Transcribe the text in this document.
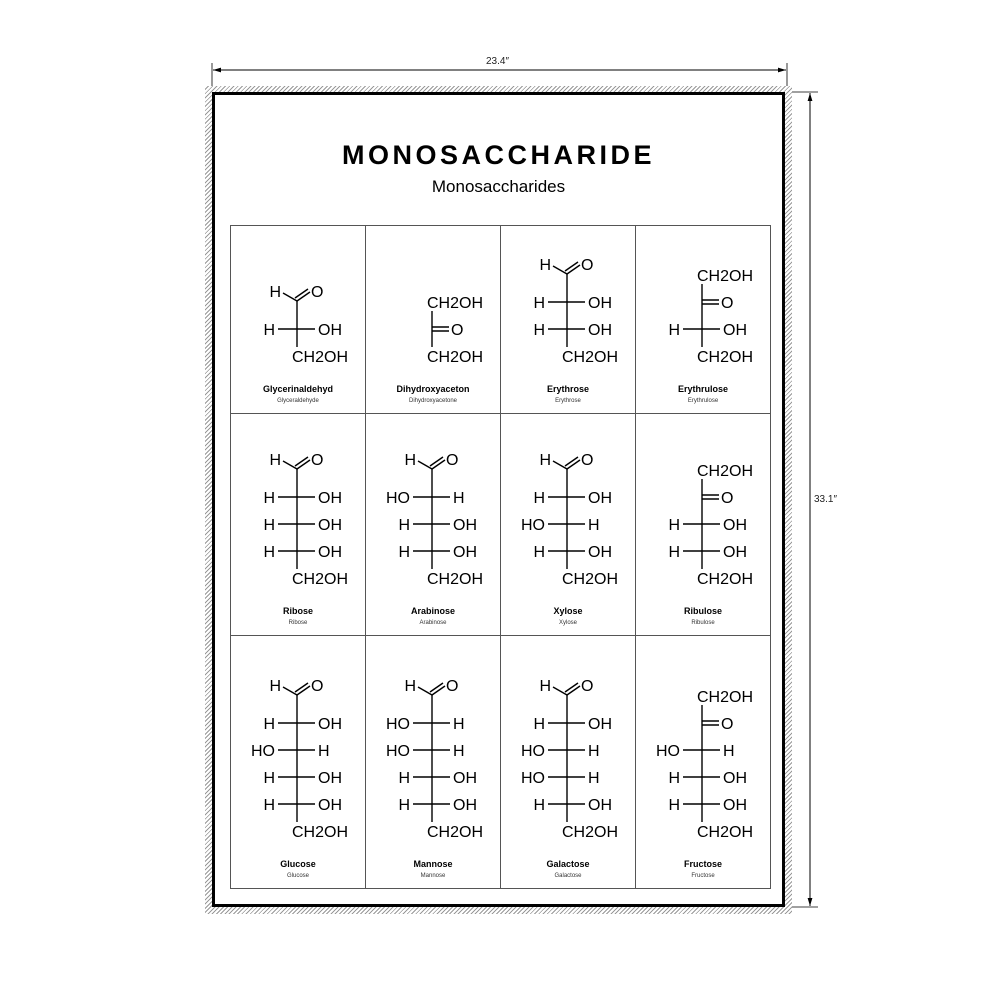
23.4″
33.1″
MONOSACCHARIDE
Monosaccharides
H O
H	OH
CH2OH
Glycerinaldehyd
Glyceraldehyde
CH2OH
O
CH2OH
Dihydroxyaceton
Dihydroxyacetone
H O
H	OH
H	OH
CH2OH
Erythrose
Erythrose
CH2OH
O
H	OH
CH2OH
Erythrulose
Erythrulose
H O
H	OH
H	OH
H	OH
CH2OH
Ribose
Ribose
H O
HO	H
H	OH
H	OH
CH2OH
Arabinose
Arabinose
H O
H	OH
HO	H
H	OH
CH2OH
Xylose
Xylose
CH2OH
O
H	OH
H	OH
CH2OH
Ribulose
Ribulose
H O
H	OH
HO	H
H	OH
H	OH
CH2OH
Glucose
Glucose
H O
HO	H
HO	H
H	OH
H	OH
CH2OH
Mannose
Mannose
H O
H	OH
HO	H
HO	H
H	OH
CH2OH
Galactose
Galactose
CH2OH
O
HO	H
H	OH
H	OH
CH2OH
Fructose
Fructose
